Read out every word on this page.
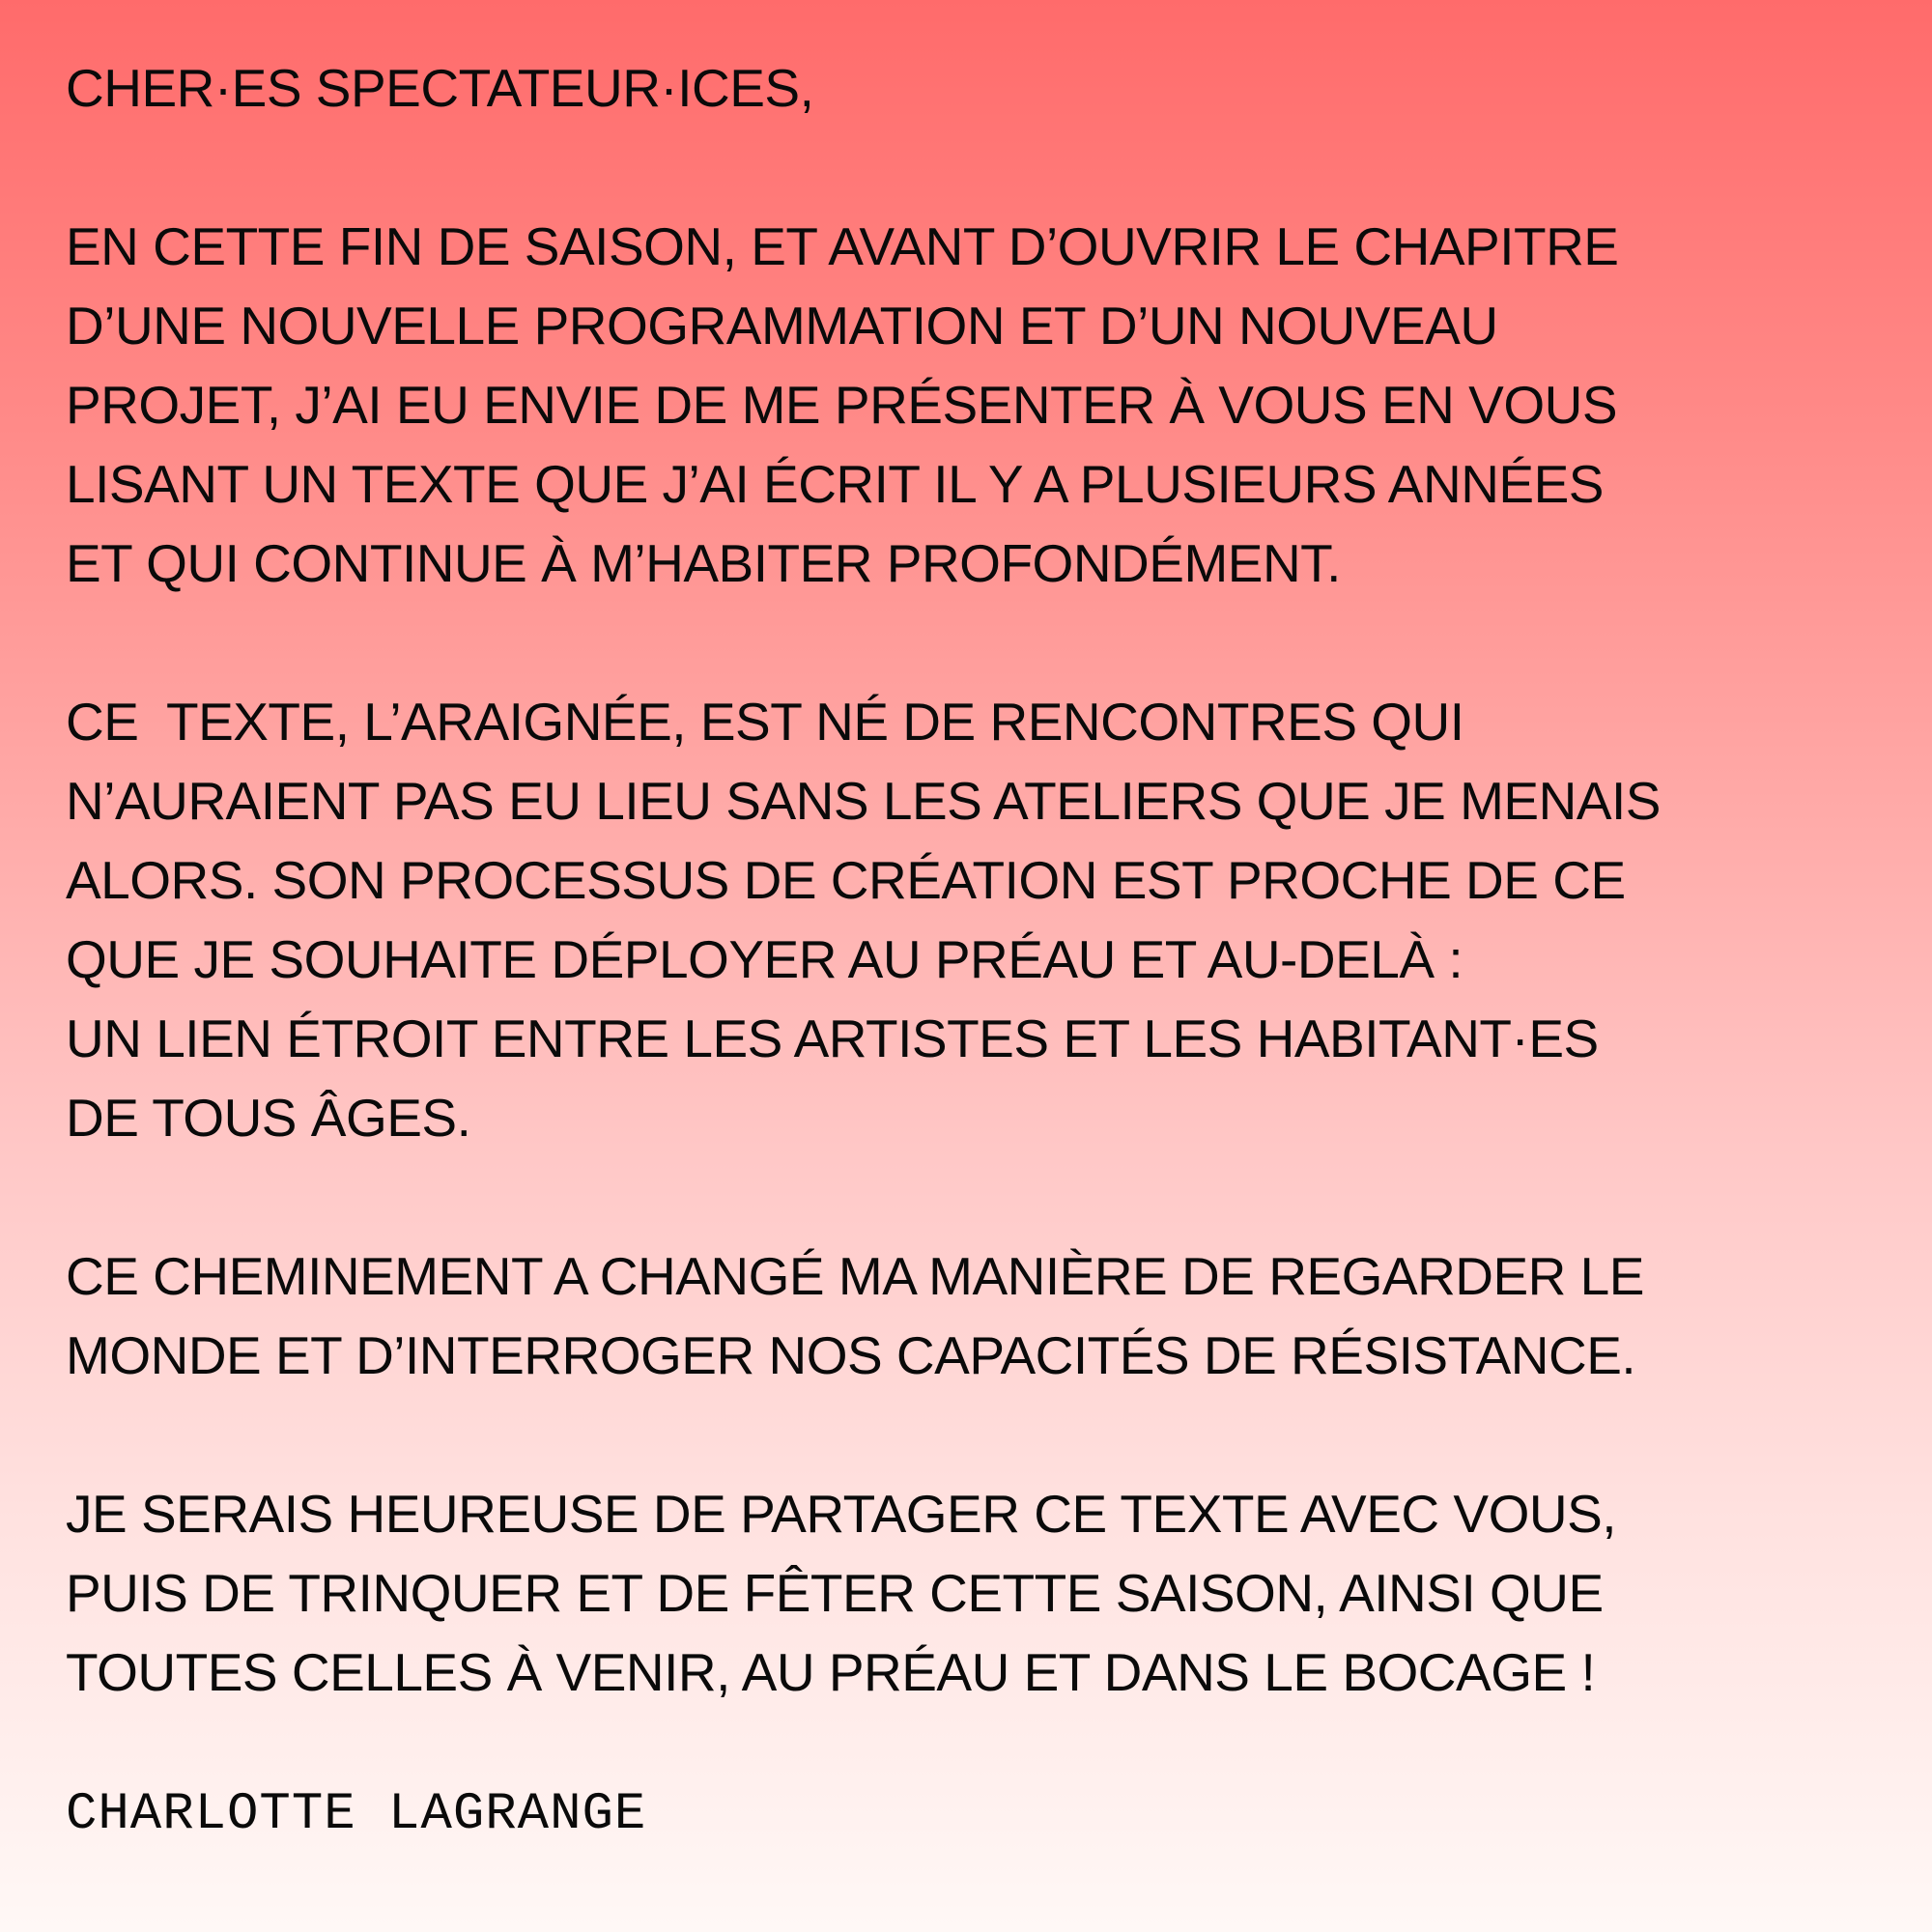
CHER·ES SPECTATEUR·ICES,
EN CETTE FIN DE SAISON, ET AVANT D’OUVRIR LE CHAPITRE
D’UNE NOUVELLE PROGRAMMATION ET D’UN NOUVEAU
PROJET, J’AI EU ENVIE DE ME PRÉSENTER À VOUS EN VOUS
LISANT UN TEXTE QUE J’AI ÉCRIT IL Y A PLUSIEURS ANNÉES
ET QUI CONTINUE À M’HABITER PROFONDÉMENT.
CE  TEXTE, L’ARAIGNÉE, EST NÉ DE RENCONTRES QUI
N’AURAIENT PAS EU LIEU SANS LES ATELIERS QUE JE MENAIS
ALORS. SON PROCESSUS DE CRÉATION EST PROCHE DE CE
QUE JE SOUHAITE DÉPLOYER AU PRÉAU ET AU-DELÀ :
UN LIEN ÉTROIT ENTRE LES ARTISTES ET LES HABITANT·ES
DE TOUS ÂGES.
CE CHEMINEMENT A CHANGÉ MA MANIÈRE DE REGARDER LE
MONDE ET D’INTERROGER NOS CAPACITÉS DE RÉSISTANCE.
JE SERAIS HEUREUSE DE PARTAGER CE TEXTE AVEC VOUS,
PUIS DE TRINQUER ET DE FÊTER CETTE SAISON, AINSI QUE
TOUTES CELLES À VENIR, AU PRÉAU ET DANS LE BOCAGE !
CHARLOTTE LAGRANGE
